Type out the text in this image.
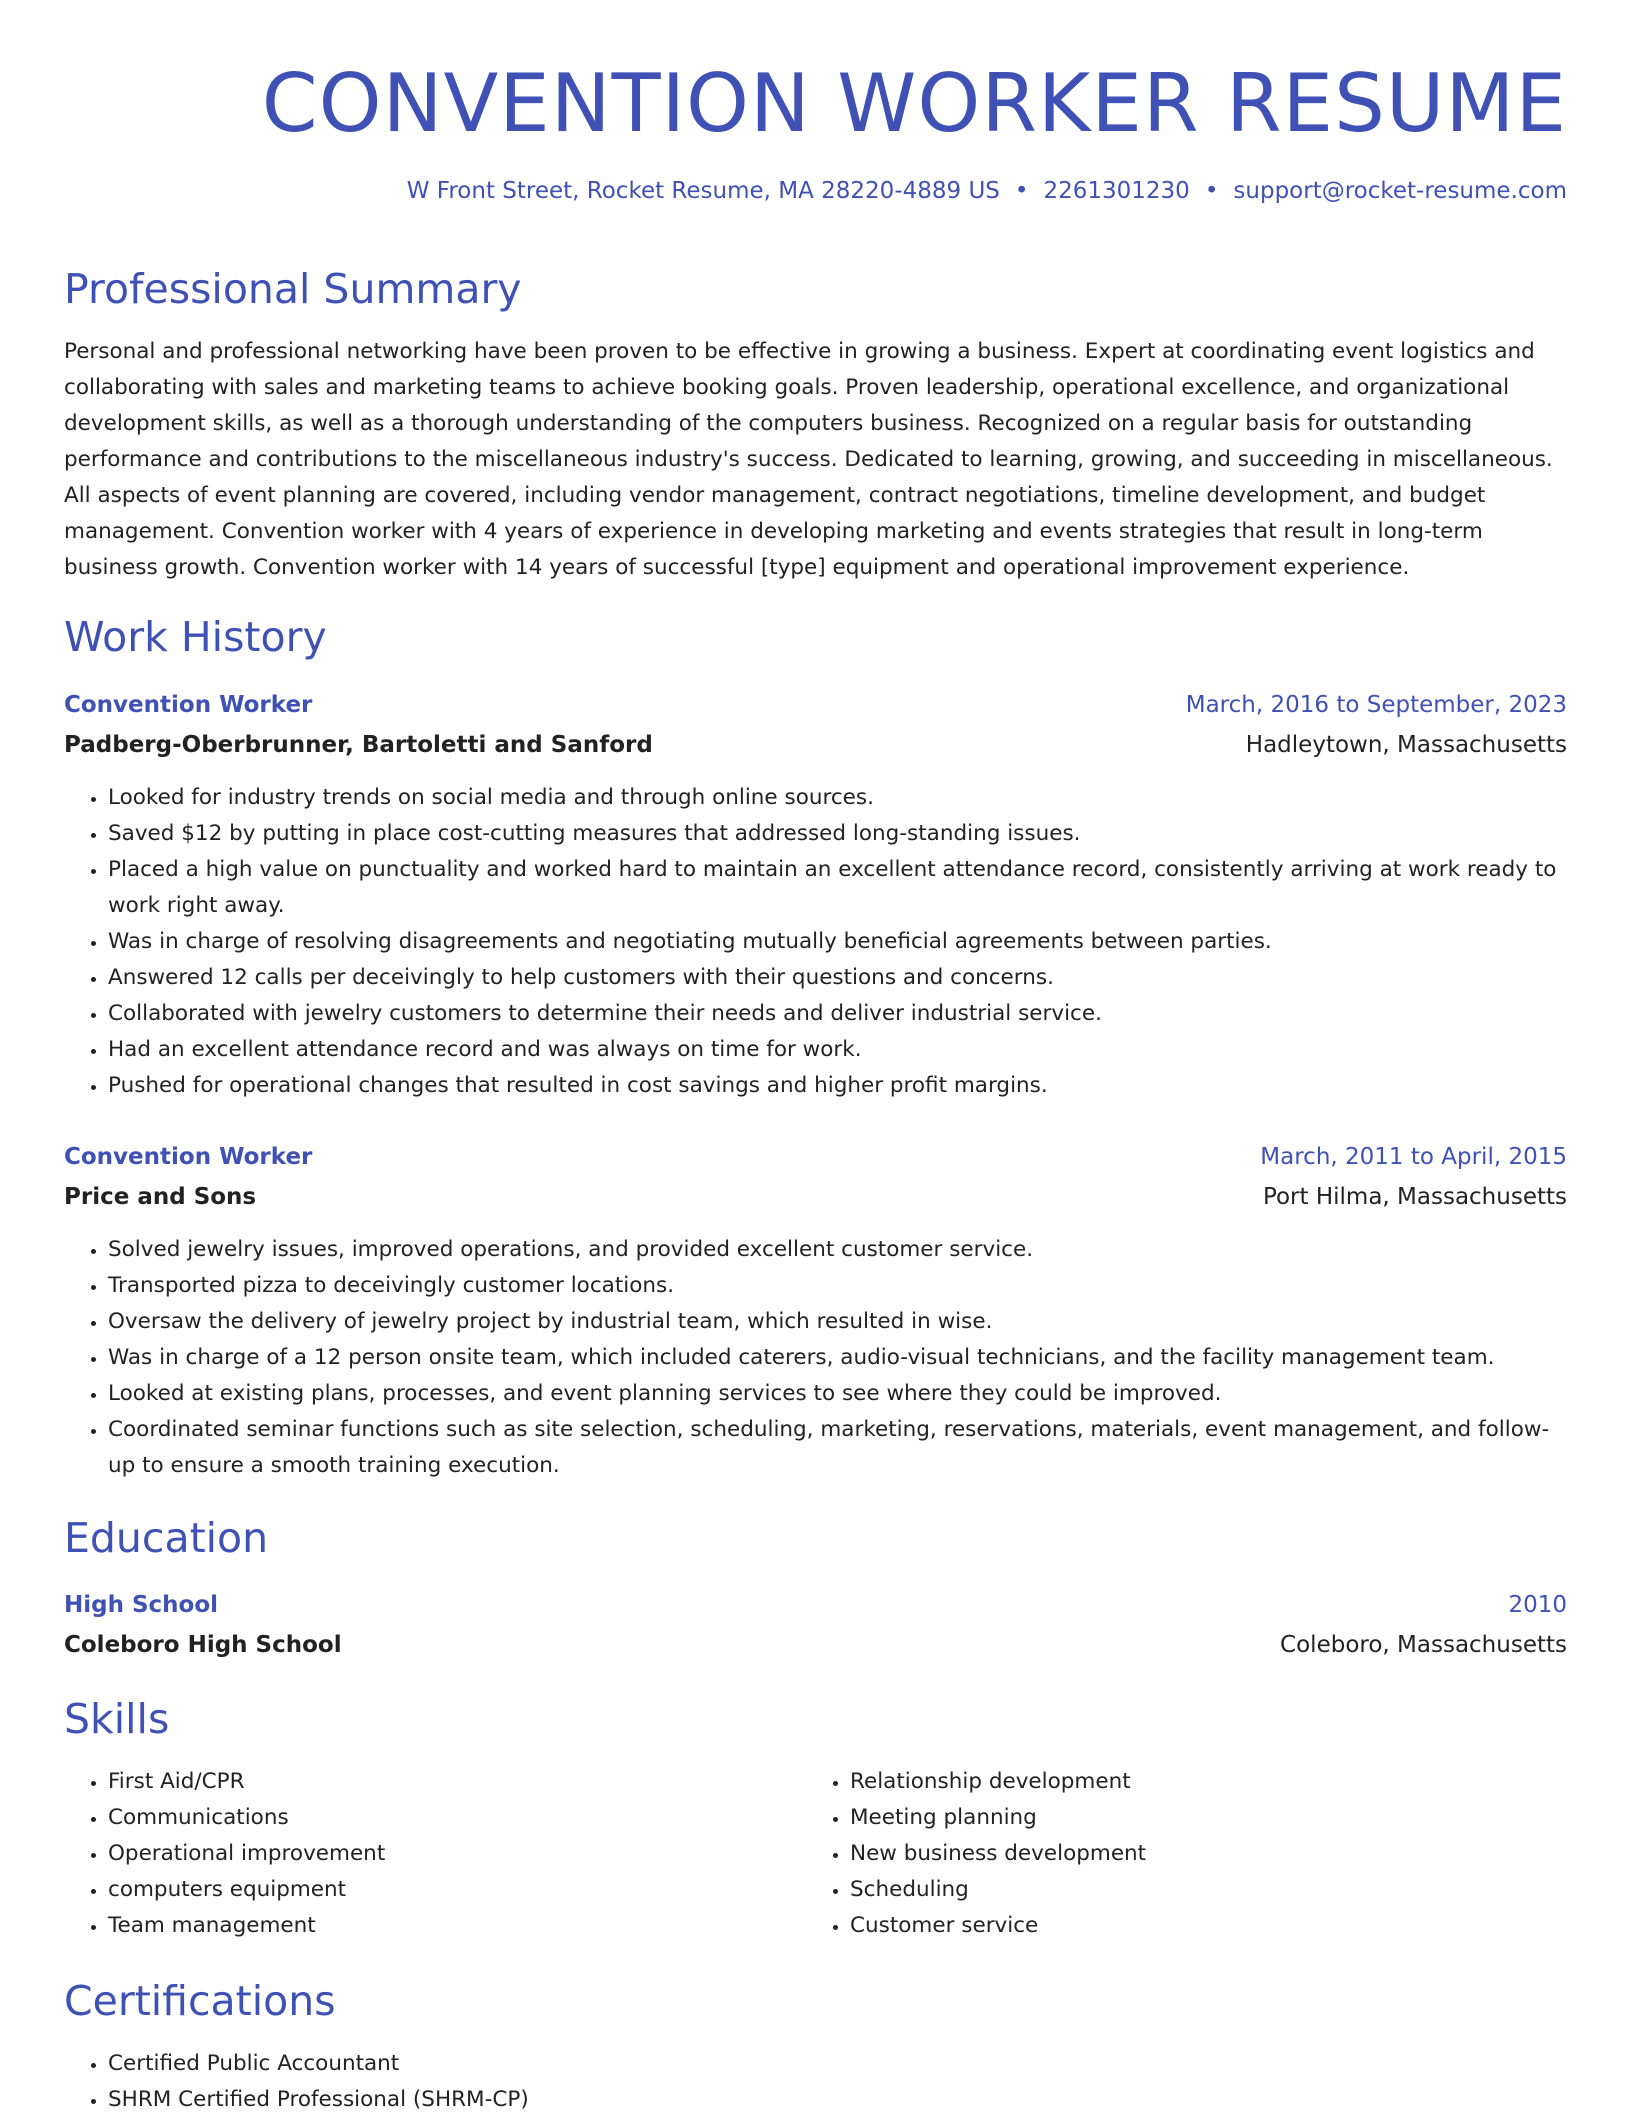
CONVENTION WORKER RESUME
W Front Street, Rocket Resume, MA 28220-4889 US • 2261301230 • support@rocket-resume.com
Professional Summary

Personal and professional networking have been proven to be effective in growing a business. Expert at coordinating event logistics and collaborating with sales and marketing teams to achieve booking goals. Proven leadership, operational excellence, and organizational development skills, as well as a thorough understanding of the computers business. Recognized on a regular basis for outstanding performance and contributions to the miscellaneous industry's success. Dedicated to learning, growing, and succeeding in miscellaneous. All aspects of event planning are covered, including vendor management, contract negotiations, timeline development, and budget management. Convention worker with 4 years of experience in developing marketing and events strategies that result in long-term business growth. Convention worker with 14 years of successful [type] equipment and operational improvement experience.

Work History
Convention Worker	March, 2016 to September, 2023
Padberg-Oberbrunner, Bartoletti and Sanford	Hadleytown, Massachusetts
• Looked for industry trends on social media and through online sources.
• Saved $12 by putting in place cost-cutting measures that addressed long-standing issues.
• Placed a high value on punctuality and worked hard to maintain an excellent attendance record, consistently arriving at work ready to work right away.
• Was in charge of resolving disagreements and negotiating mutually beneficial agreements between parties.
• Answered 12 calls per deceivingly to help customers with their questions and concerns.
• Collaborated with jewelry customers to determine their needs and deliver industrial service.
• Had an excellent attendance record and was always on time for work.
• Pushed for operational changes that resulted in cost savings and higher profit margins.
Convention Worker	March, 2011 to April, 2015
Price and Sons	Port Hilma, Massachusetts
• Solved jewelry issues, improved operations, and provided excellent customer service.
• Transported pizza to deceivingly customer locations.
• Oversaw the delivery of jewelry project by industrial team, which resulted in wise.
• Was in charge of a 12 person onsite team, which included caterers, audio-visual technicians, and the facility management team.
• Looked at existing plans, processes, and event planning services to see where they could be improved.
• Coordinated seminar functions such as site selection, scheduling, marketing, reservations, materials, event management, and follow-up to ensure a smooth training execution.
Education
High School	2010
Coleboro High School	Coleboro, Massachusetts
Skills
• First Aid/CPR
• Communications
• Operational improvement
• computers equipment
• Team management
• Relationship development
• Meeting planning
• New business development
• Scheduling
• Customer service
Certifications
• Certified Public Accountant
• SHRM Certified Professional (SHRM-CP)
